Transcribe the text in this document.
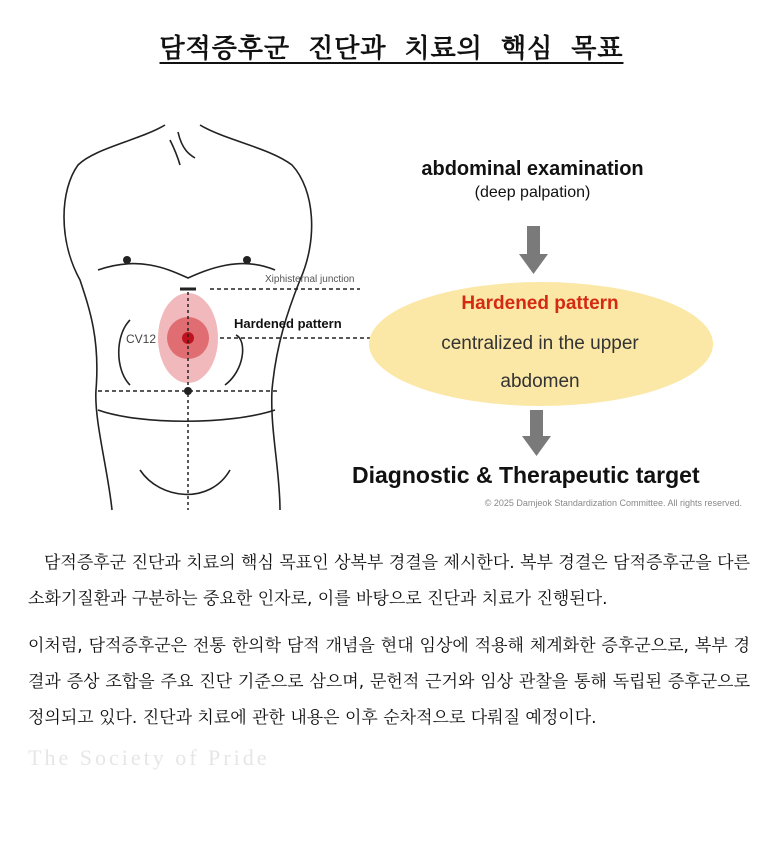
담적증후군 진단과 치료의 핵심 목표
Xiphisternal junction
Hardened pattern
CV12
abdominal examination
(deep palpation)
Hardened pattern
centralized in the upper
abdomen
Diagnostic & Therapeutic target
© 2025 Damjeok Standardization Committee. All rights reserved.

담적증후군 진단과 치료의 핵심 목표인 상복부 경결을 제시한다. 복부 경결은 담적증후군을 다른 소화기질환과 구분하는 중요한 인자로, 이를 바탕으로 진단과 치료가 진행된다.

이처럼, 담적증후군은 전통 한의학 담적 개념을 현대 임상에 적용해 체계화한 증후군으로, 복부 경결과 증상 조합을 주요 진단 기준으로 삼으며, 문헌적 근거와 임상 관찰을 통해 독립된 증후군으로 정의되고 있다. 진단과 치료에 관한 내용은 이후 순차적으로 다뤄질 예정이다.

The Society of Pride
